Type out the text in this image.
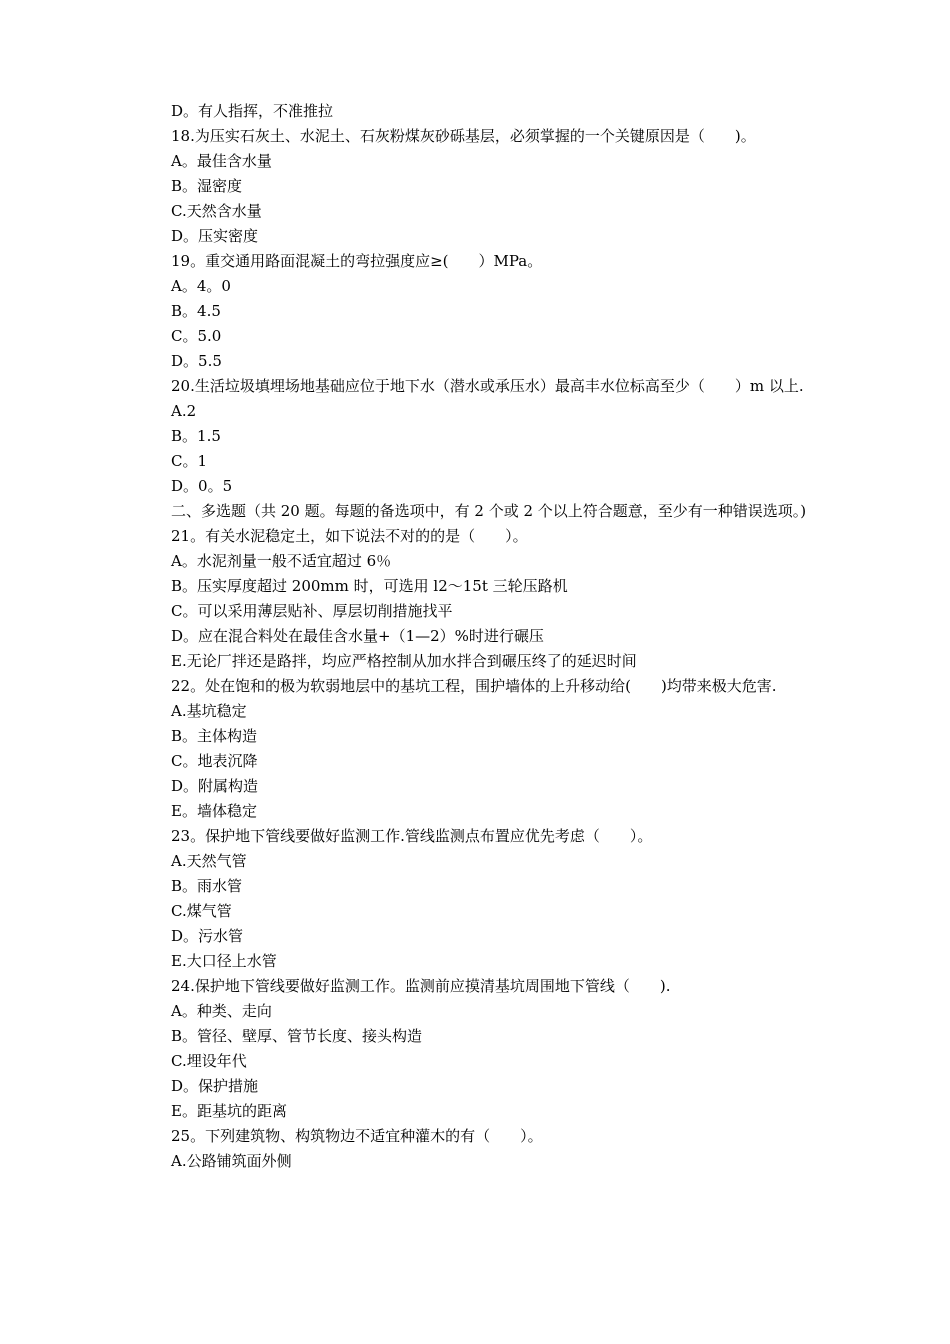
D。有人指挥，不准推拉
18.为压实石灰土、水泥土、石灰粉煤灰砂砾基层，必须掌握的一个关键原因是（　　)。
A。最佳含水量
B。湿密度
C.天然含水量
D。压实密度
19。重交通用路面混凝土的弯拉强度应≥(　　）MPa。
A。4。0
B。4.5
C。5.0
D。5.5
20.生活垃圾填埋场地基础应位于地下水（潜水或承压水）最高丰水位标高至少（　　）m 以上.
A.2
B。1.5
C。1
D。0。5
二、多选题（共 20 题。每题的备选项中，有 2 个或 2 个以上符合题意，至少有一种错误选项。)
21。有关水泥稳定土，如下说法不对的的是（　　）。
A。水泥剂量一般不适宜超过 6％
B。压实厚度超过 200mm 时，可选用 l2～15t 三轮压路机
C。可以采用薄层贴补、厚层切削措施找平
D。应在混合料处在最佳含水量+（1—2）%时进行碾压
E.无论厂拌还是路拌，均应严格控制从加水拌合到碾压终了的延迟时间
22。处在饱和的极为软弱地层中的基坑工程，围护墙体的上升移动给(　　)均带来极大危害.
A.基坑稳定
B。主体构造
C。地表沉降
D。附属构造
E。墙体稳定
23。保护地下管线要做好监测工作.管线监测点布置应优先考虑（　　）。
A.天然气管
B。雨水管
C.煤气管
D。污水管
E.大口径上水管
24.保护地下管线要做好监测工作。监测前应摸清基坑周围地下管线（　　).
A。种类、走向
B。管径、壁厚、管节长度、接头构造
C.埋设年代
D。保护措施
E。距基坑的距离
25。下列建筑物、构筑物边不适宜种灌木的有（　　）。
A.公路铺筑面外侧
